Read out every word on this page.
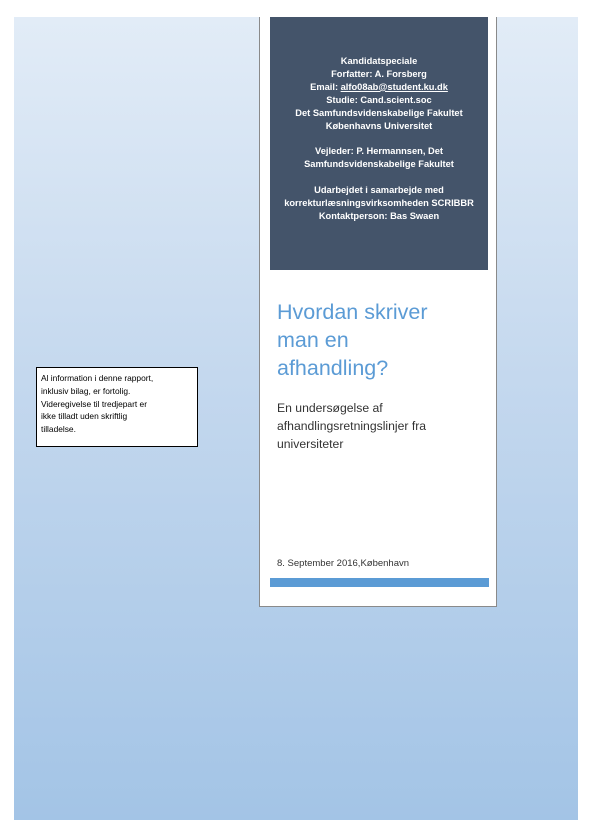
Kandidatspeciale
Forfatter: A. Forsberg
Email: alfo08ab@student.ku.dk
Studie: Cand.scient.soc
Det Samfundsvidenskabelige Fakultet
Københavns Universitet
Vejleder: P. Hermannsen, Det
Samfundsvidenskabelige Fakultet
Udarbejdet i samarbejde med
korrekturlæsningsvirksomheden SCRIBBR
Kontaktperson: Bas Swaen
Hvordan skriver
man en
afhandling?
En undersøgelse af
afhandlingsretningslinjer fra
universiteter
8. September 2016,København
Al information i denne rapport,
inklusiv bilag, er fortolig.
Videregivelse til tredjepart er
ikke tilladt uden skriftlig
tilladelse.
